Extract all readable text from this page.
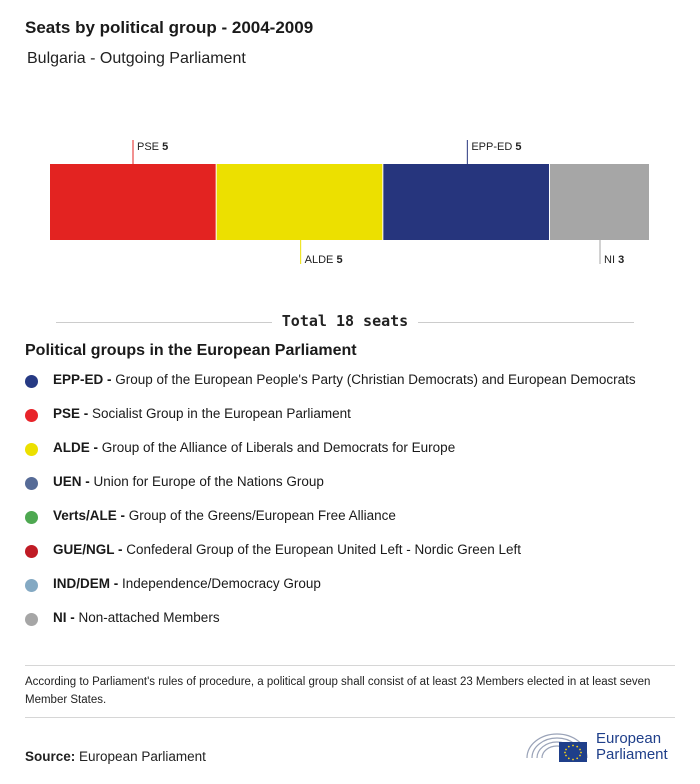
Seats by political group - 2004-2009
Bulgaria - Outgoing Parliament
PSE 5
ALDE 5
EPP-ED 5
NI 3
Total 18 seats
Political groups in the European Parliament
EPP-ED - Group of the European People's Party (Christian Democrats) and European Democrats
PSE - Socialist Group in the European Parliament
ALDE - Group of the Alliance of Liberals and Democrats for Europe
UEN - Union for Europe of the Nations Group
Verts/ALE - Group of the Greens/European Free Alliance
GUE/NGL - Confederal Group of the European United Left - Nordic Green Left
IND/DEM - Independence/Democracy Group
NI - Non-attached Members
According to Parliament's rules of procedure, a political group shall consist of at least 23 Members elected in at least seven Member States.
Source: European Parliament
European
Parliament
